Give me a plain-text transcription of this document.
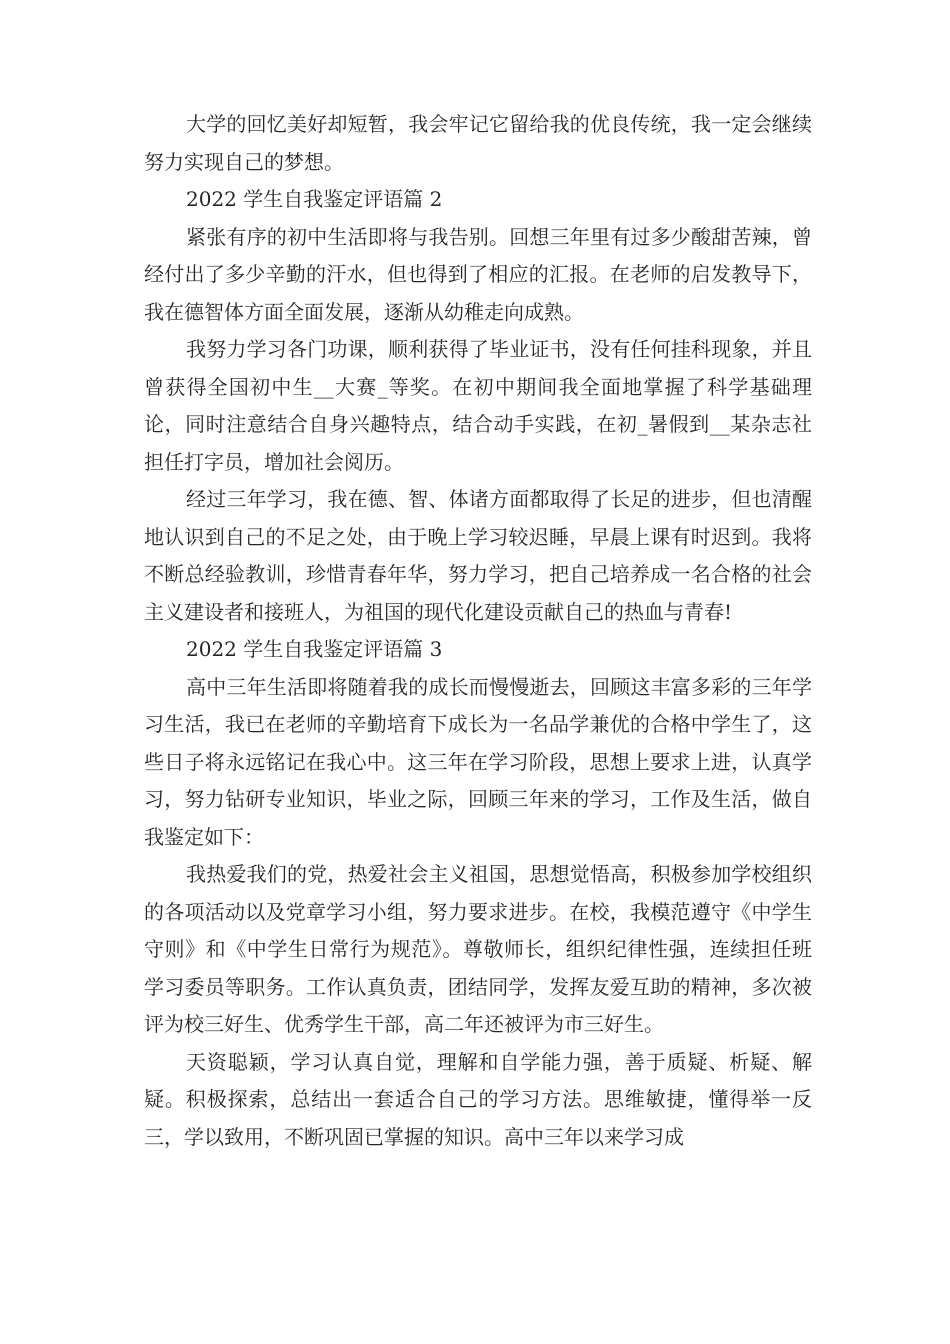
大学的回忆美好却短暂，我会牢记它留给我的优良传统，我一定会继续努力实现自己的梦想。

2022 学生自我鉴定评语篇 2

紧张有序的初中生活即将与我告别。回想三年里有过多少酸甜苦辣，曾经付出了多少辛勤的汗水，但也得到了相应的汇报。在老师的启发教导下，我在德智体方面全面发展，逐渐从幼稚走向成熟。

我努力学习各门功课，顺利获得了毕业证书，没有任何挂科现象，并且曾获得全国初中生__大赛_等奖。在初中期间我全面地掌握了科学基础理论，同时注意结合自身兴趣特点，结合动手实践，在初_暑假到__某杂志社担任打字员，增加社会阅历。

经过三年学习，我在德、智、体诸方面都取得了长足的进步，但也清醒地认识到自己的不足之处，由于晚上学习较迟睡，早晨上课有时迟到。我将不断总经验教训，珍惜青春年华，努力学习，把自己培养成一名合格的社会主义建设者和接班人，为祖国的现代化建设贡献自己的热血与青春!

2022 学生自我鉴定评语篇 3

高中三年生活即将随着我的成长而慢慢逝去，回顾这丰富多彩的三年学习生活，我已在老师的辛勤培育下成长为一名品学兼优的合格中学生了，这些日子将永远铭记在我心中。这三年在学习阶段，思想上要求上进，认真学习，努力钻研专业知识，毕业之际，回顾三年来的学习，工作及生活，做自我鉴定如下：

我热爱我们的党，热爱社会主义祖国，思想觉悟高，积极参加学校组织的各项活动以及党章学习小组，努力要求进步。在校，我模范遵守《中学生守则》和《中学生日常行为规范》。尊敬师长，组织纪律性强，连续担任班学习委员等职务。工作认真负责，团结同学，发挥友爱互助的精神，多次被评为校三好生、优秀学生干部，高二年还被评为市三好生。

天资聪颖，学习认真自觉，理解和自学能力强，善于质疑、析疑、解疑。积极探索，总结出一套适合自己的学习方法。思维敏捷，懂得举一反三，学以致用，不断巩固已掌握的知识。高中三年以来学习成
